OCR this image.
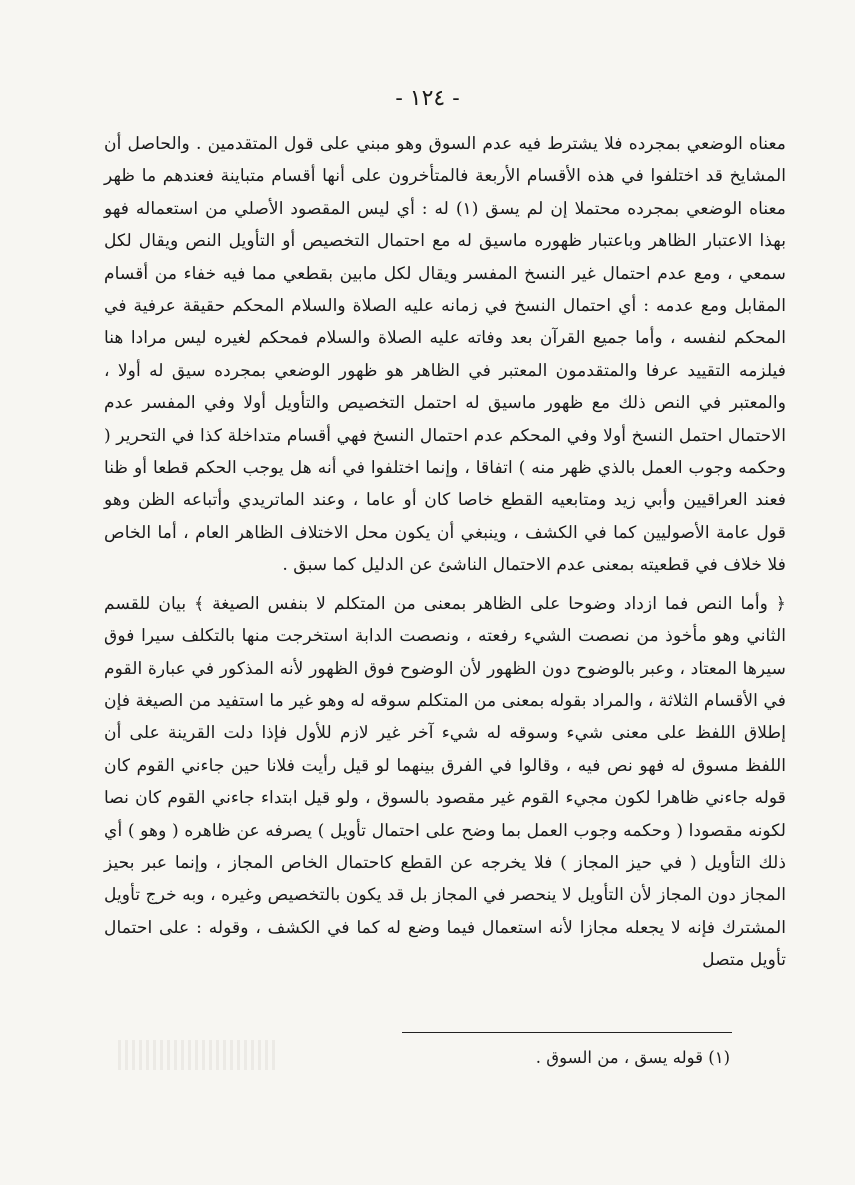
- ١٢٤ -

معناه الوضعي بمجرده فلا يشترط فيه عدم السوق وهو مبني على قول المتقدمين . والحاصل أن المشايخ قد اختلفوا في هذه الأقسام الأربعة فالمتأخرون على أنها أقسام متباينة فعندهم ما ظهر معناه الوضعي بمجرده محتملا إن لم يسق (١) له : أي ليس المقصود الأصلي من استعماله فهو بهذا الاعتبار الظاهر وباعتبار ظهوره ماسيق له مع احتمال التخصيص أو التأويل النص ويقال لكل سمعي ، ومع عدم احتمال غير النسخ المفسر ويقال لكل مابين بقطعي مما فيه خفاء من أقسام المقابل ومع عدمه : أي احتمال النسخ في زمانه عليه الصلاة والسلام المحكم حقيقة عرفية في المحكم لنفسه ، وأما جميع القرآن بعد وفاته عليه الصلاة والسلام فمحكم لغيره ليس مرادا هنا فيلزمه التقييد عرفا والمتقدمون المعتبر في الظاهر هو ظهور الوضعي بمجرده سيق له أولا ، والمعتبر في النص ذلك مع ظهور ماسيق له احتمل التخصيص والتأويل أولا وفي المفسر عدم الاحتمال احتمل النسخ أولا وفي المحكم عدم احتمال النسخ فهي أقسام متداخلة كذا في التحرير ( وحكمه وجوب العمل بالذي ظهر منه ) اتفاقا ، وإنما اختلفوا في أنه هل يوجب الحكم قطعا أو ظنا فعند العراقيين وأبي زيد ومتابعيه القطع خاصا كان أو عاما ، وعند الماتريدي وأتباعه الظن وهو قول عامة الأصوليين كما في الكشف ، وينبغي أن يكون محل الاختلاف الظاهر العام ، أما الخاص فلا خلاف في قطعيته بمعنى عدم الاحتمال الناشئ عن الدليل كما سبق .

﴿ وأما النص فما ازداد وضوحا على الظاهر بمعنى من المتكلم لا بنفس الصيغة ﴾ بيان للقسم الثاني وهو مأخوذ من نصصت الشيء رفعته ، ونصصت الدابة استخرجت منها بالتكلف سيرا فوق سيرها المعتاد ، وعبر بالوضوح دون الظهور لأن الوضوح فوق الظهور لأنه المذكور في عبارة القوم في الأقسام الثلاثة ، والمراد بقوله بمعنى من المتكلم سوقه له وهو غير ما استفيد من الصيغة فإن إطلاق اللفظ على معنى شيء وسوقه له شيء آخر غير لازم للأول فإذا دلت القرينة على أن اللفظ مسوق له فهو نص فيه ، وقالوا في الفرق بينهما لو قيل رأيت فلانا حين جاءني القوم كان قوله جاءني ظاهرا لكون مجيء القوم غير مقصود بالسوق ، ولو قيل ابتداء جاءني القوم كان نصا لكونه مقصودا ( وحكمه وجوب العمل بما وضح على احتمال تأويل ) يصرفه عن ظاهره ( وهو ) أي ذلك التأويل ( في حيز المجاز ) فلا يخرجه عن القطع كاحتمال الخاص المجاز ، وإنما عبر بحيز المجاز دون المجاز لأن التأويل لا ينحصر في المجاز بل قد يكون بالتخصيص وغيره ، وبه خرج تأويل المشترك فإنه لا يجعله مجازا لأنه استعمال فيما وضع له كما في الكشف ، وقوله : على احتمال تأويل متصل

(١) قوله يسق ، من السوق .
